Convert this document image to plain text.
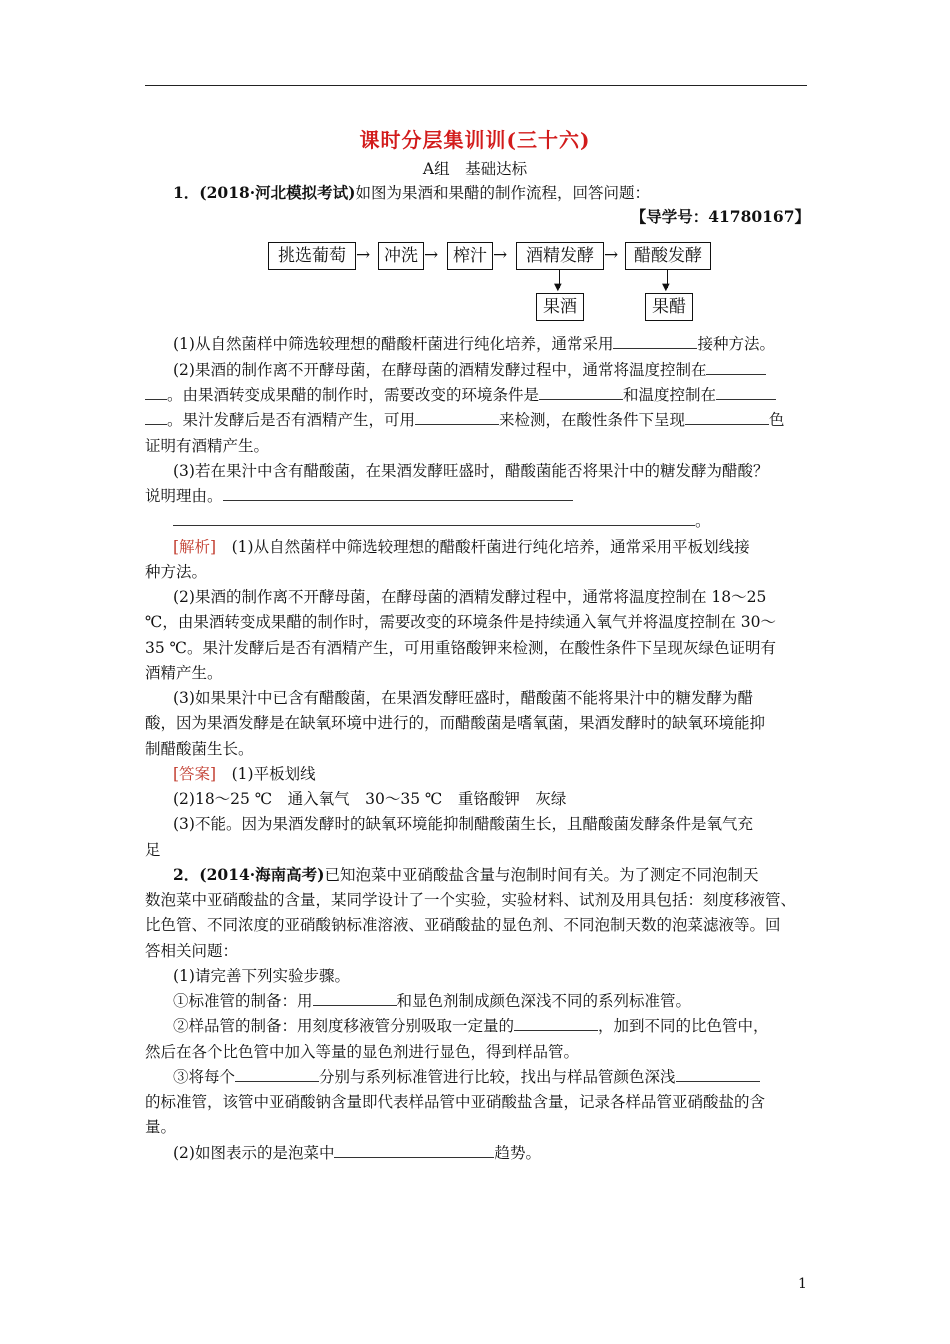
课时分层集训训(三十六)
A组　基础达标
1．(2018·河北模拟考试)如图为果酒和果醋的制作流程，回答问题：
【导学号：41780167】
挑选葡萄 → 冲洗 → 榨汁 →	酒精发酵 → 醋酸发酵
▼	▼
果酒	果醋
(1)从自然菌样中筛选较理想的醋酸杆菌进行纯化培养，通常采用	接种方法。
(2)果酒的制作离不开酵母菌，在酵母菌的酒精发酵过程中，通常将温度控制在
。由果酒转变成果醋的制作时，需要改变的环境条件是	和温度控制在
。果汁发酵后是否有酒精产生，可用	来检测，在酸性条件下呈现	色
证明有酒精产生。
(3)若在果汁中含有醋酸菌，在果酒发酵旺盛时，醋酸菌能否将果汁中的糖发酵为醋酸？
说明理由。
。
[解析]　 (1)从自然菌样中筛选较理想的醋酸杆菌进行纯化培养，通常采用平板划线接
种方法。
(2)果酒的制作离不开酵母菌，在酵母菌的酒精发酵过程中，通常将温度控制在 18～25
℃，由果酒转变成果醋的制作时，需要改变的环境条件是持续通入氧气并将温度控制在 30～
35 ℃。果汁发酵后是否有酒精产生，可用重铬酸钾来检测，在酸性条件下呈现灰绿色证明有
酒精产生。
(3)如果果汁中已含有醋酸菌，在果酒发酵旺盛时，醋酸菌不能将果汁中的糖发酵为醋
酸，因为果酒发酵是在缺氧环境中进行的，而醋酸菌是嗜氧菌，果酒发酵时的缺氧环境能抑
制醋酸菌生长。
[答案]　 (1)平板划线
(2)18～25 ℃　通入氧气　30～35 ℃　重铬酸钾　灰绿
(3)不能。因为果酒发酵时的缺氧环境能抑制醋酸菌生长，且醋酸菌发酵条件是氧气充
足
2．(2014·海南高考)已知泡菜中亚硝酸盐含量与泡制时间有关。为了测定不同泡制天
数泡菜中亚硝酸盐的含量，某同学设计了一个实验，实验材料、试剂及用具包括：刻度移液管、
比色管、不同浓度的亚硝酸钠标准溶液、亚硝酸盐的显色剂、不同泡制天数的泡菜滤液等。回
答相关问题：
(1)请完善下列实验步骤。
①标准管的制备：用	和显色剂制成颜色深浅不同的系列标准管。
②样品管的制备：用刻度移液管分别吸取一定量的	，加到不同的比色管中，
然后在各个比色管中加入等量的显色剂进行显色，得到样品管。
③将每个	分别与系列标准管进行比较，找出与样品管颜色深浅
的标准管，该管中亚硝酸钠含量即代表样品管中亚硝酸盐含量，记录各样品管亚硝酸盐的含
量。
(2)如图表示的是泡菜中	趋势。
1
